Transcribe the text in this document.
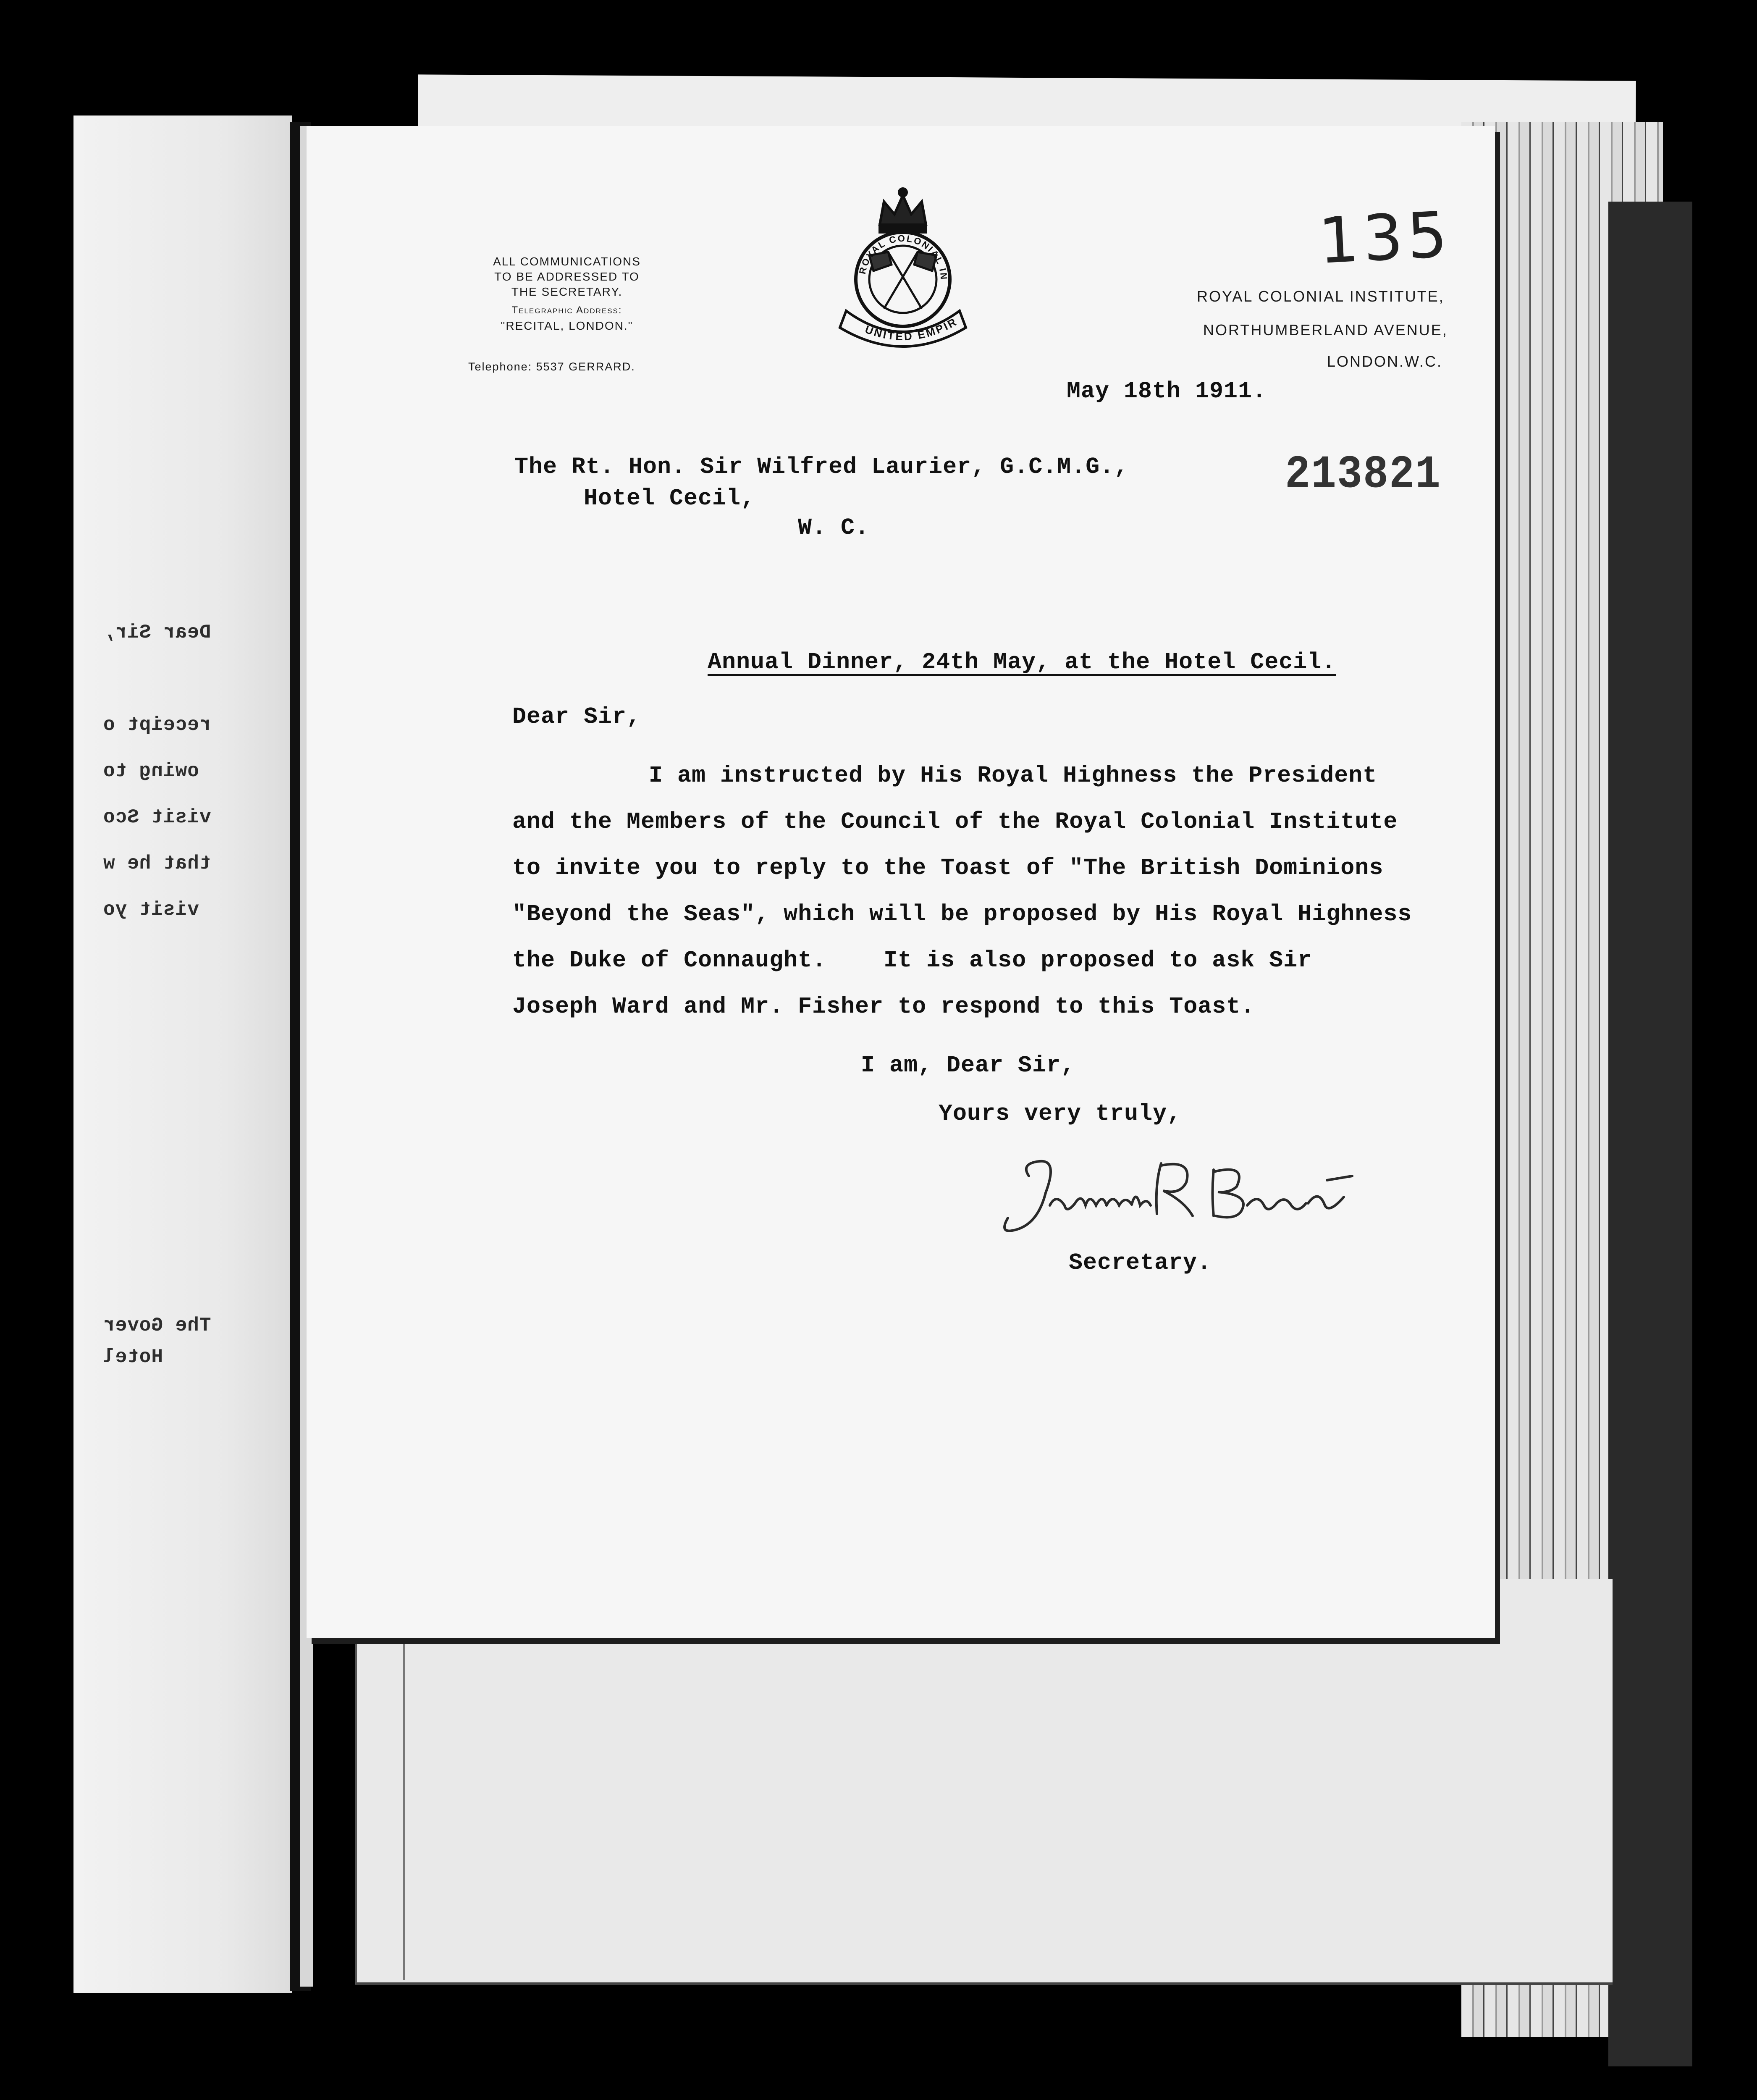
Dear Sir,
receipt o
owing to
visit Sco
that he w
visit yo
The Gover
Hotel
135
ALL COMMUNICATIONS
TO BE ADDRESSED TO
THE SECRETARY.
Telegraphic Address:
"RECITAL, LONDON."
Telephone: 5537 GERRARD.
ROYAL COLONIAL IN
UNITED EMPIR
ROYAL COLONIAL INSTITUTE,
NORTHUMBERLAND AVENUE,
LONDON.W.C.
May 18th 1911.
213821
The Rt. Hon. Sir Wilfred Laurier, G.C.M.G.,
Hotel Cecil,
W. C.
Annual Dinner, 24th May, at the Hotel Cecil.
Dear Sir,
I am instructed by His Royal Highness the President
and the Members of the Council of the Royal Colonial Institute
to invite you to reply to the Toast of "The British Dominions
"Beyond the Seas", which will be proposed by His Royal Highness
the Duke of Connaught.    It is also proposed to ask Sir
Joseph Ward and Mr. Fisher to respond to this Toast.
I am, Dear Sir,
Yours very truly,
Secretary.
